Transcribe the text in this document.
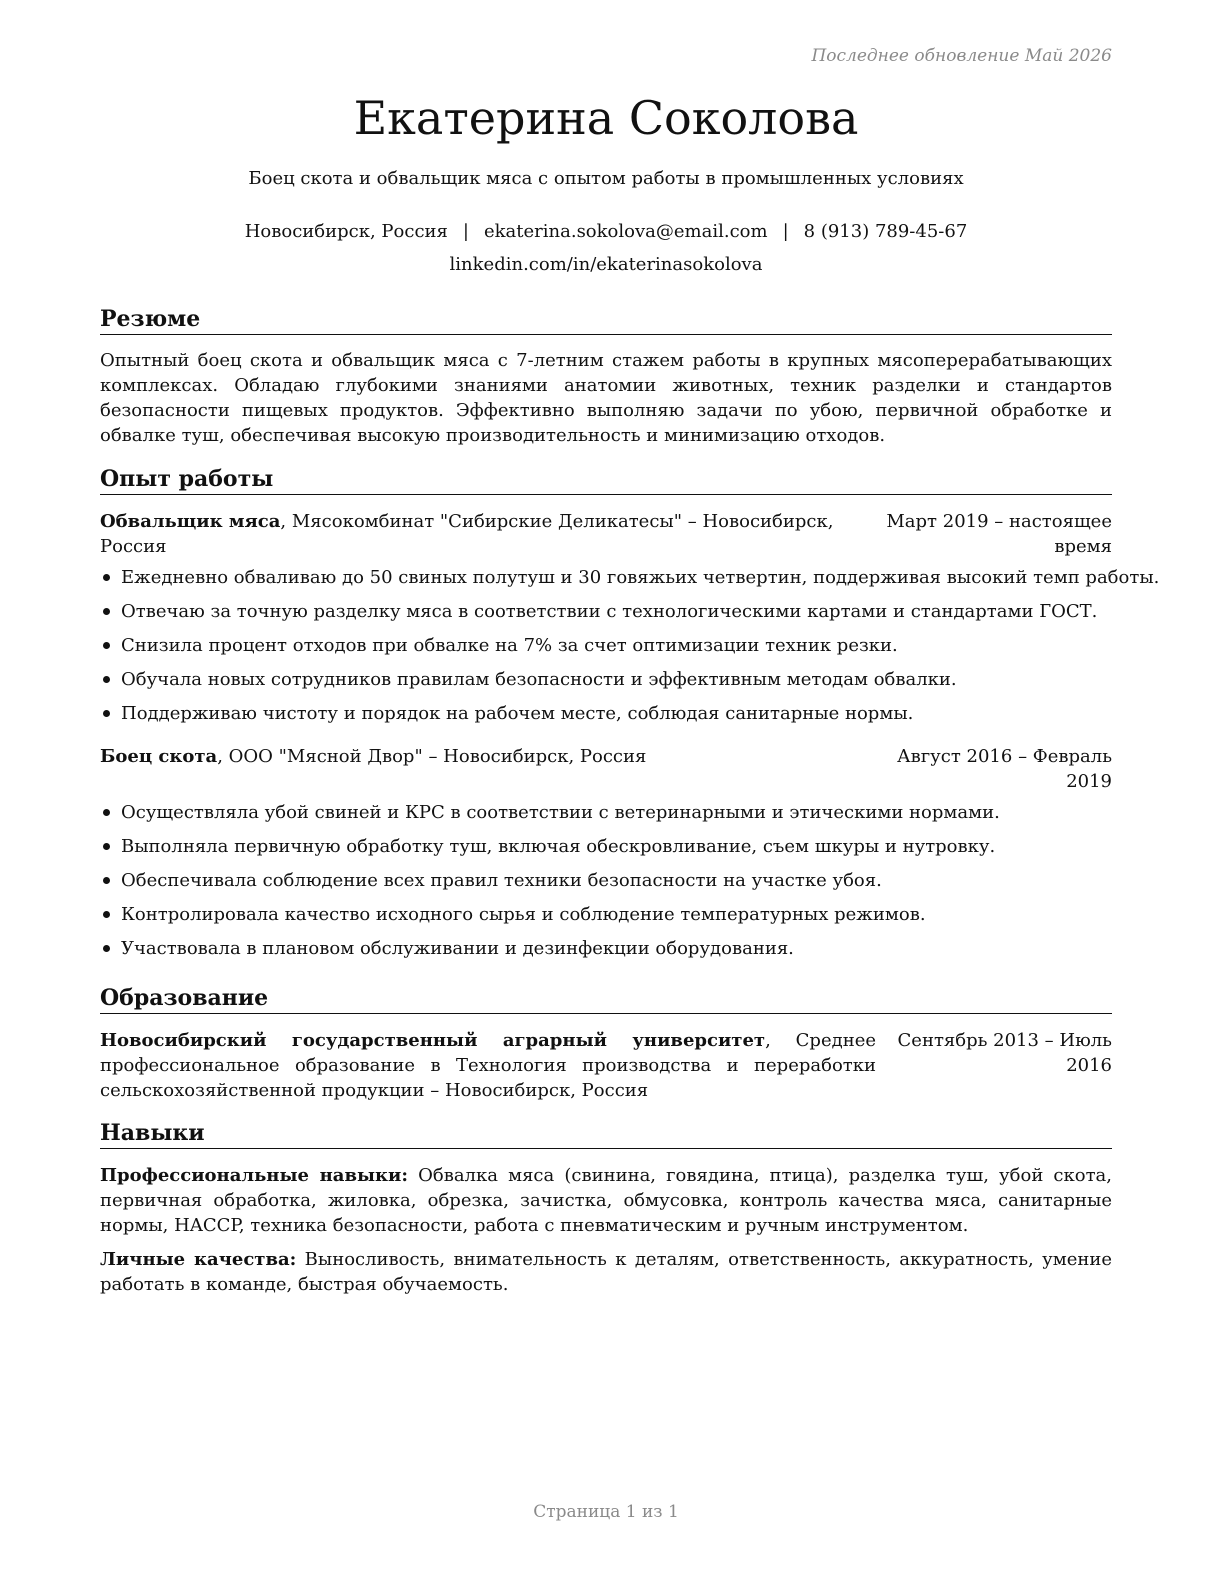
Последнее обновление Май 2026
Екатерина Соколова
Боец скота и обвальщик мяса с опытом работы в промышленных условиях
Новосибирск, Россия | ekaterina.sokolova@email.com | 8 (913) 789-45-67
linkedin.com/in/ekaterinasokolova
Резюме

Опытный боец скота и обвальщик мяса с 7-летним стажем работы в крупных мясоперерабатывающих комплексах. Обладаю глубокими знаниями анатомии животных, техник разделки и стандартов безопасности пищевых продуктов. Эффективно выполняю задачи по убою, первичной обработке и обвалке туш, обеспечивая высокую производительность и минимизацию отходов.

Опыт работы
Обвальщик мяса, Мясокомбинат "Сибирские Деликатесы" – Новосибирск, Россия
Март 2019 – настоящее время
Ежедневно обваливаю до 50 свиных полутуш и 30 говяжьих четвертин, поддерживая высокий темп работы.
Отвечаю за точную разделку мяса в соответствии с технологическими картами и стандартами ГОСТ.
Снизила процент отходов при обвалке на 7% за счет оптимизации техник резки.
Обучала новых сотрудников правилам безопасности и эффективным методам обвалки.
Поддерживаю чистоту и порядок на рабочем месте, соблюдая санитарные нормы.
Боец скота, ООО "Мясной Двор" – Новосибирск, Россия	Август 2016 – Февраль 2019
Осуществляла убой свиней и КРС в соответствии с ветеринарными и этическими нормами.
Выполняла первичную обработку туш, включая обескровливание, съем шкуры и нутровку.
Обеспечивала соблюдение всех правил техники безопасности на участке убоя.
Контролировала качество исходного сырья и соблюдение температурных режимов.
Участвовала в плановом обслуживании и дезинфекции оборудования.
Образование
Новосибирский государственный аграрный университет, Среднее профессиональное образование в Технология производства и переработки сельскохозяйственной продукции – Новосибирск, Россия
Сентябрь 2013 – Июль 2016
Навыки

Профессиональные навыки: Обвалка мяса (свинина, говядина, птица), разделка туш, убой скота, первичная обработка, жиловка, обрезка, зачистка, обмусовка, контроль качества мяса, санитарные нормы, HACCP, техника безопасности, работа с пневматическим и ручным инструментом.

Личные качества: Выносливость, внимательность к деталям, ответственность, аккуратность, умение работать в команде, быстрая обучаемость.

Страница 1 из 1
